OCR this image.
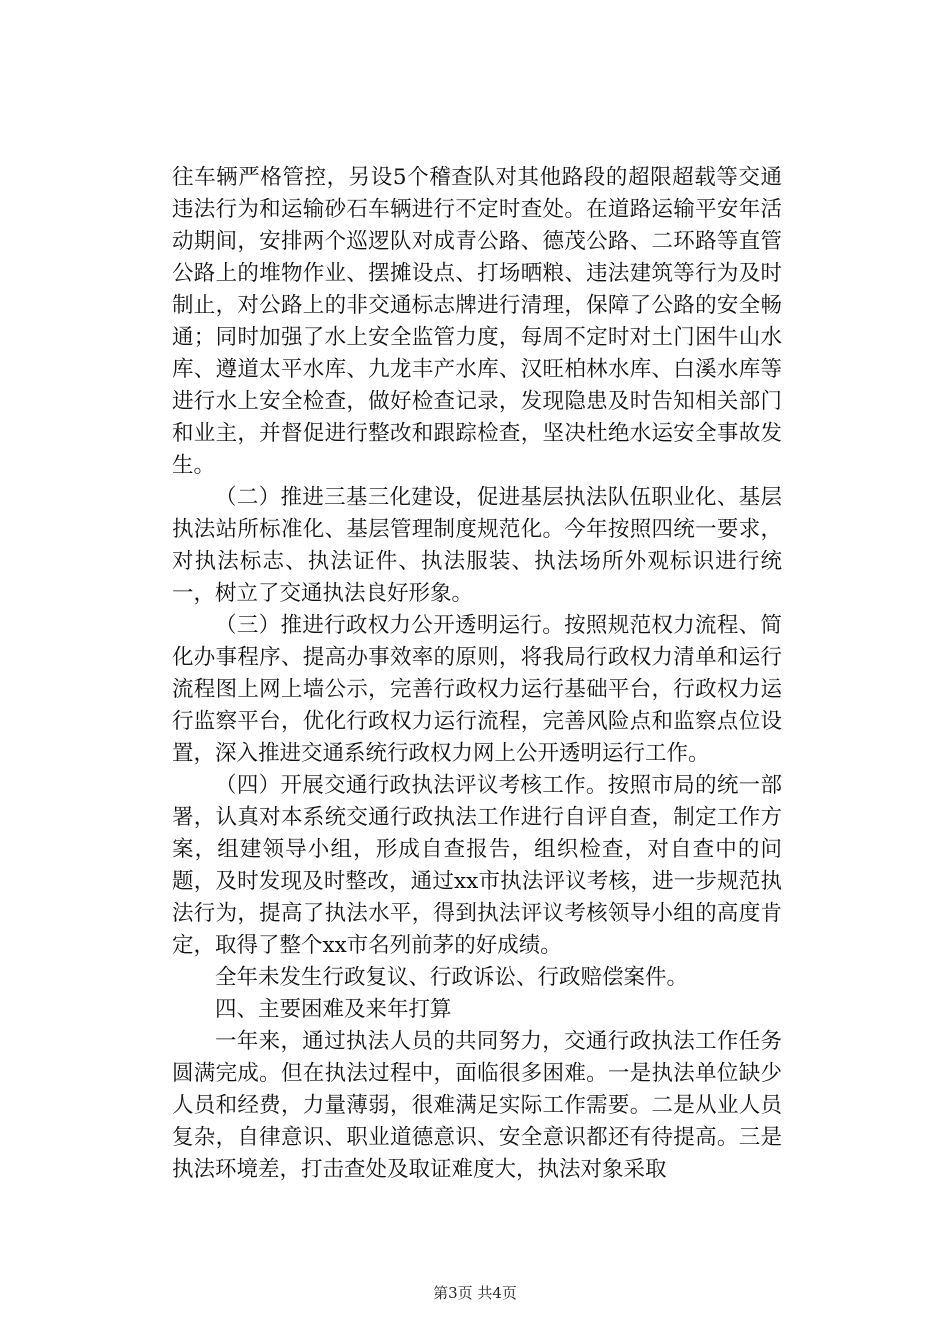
往车辆严格管控，另设5个稽查队对其他路段的超限超载等交通违法行为和运输砂石车辆进行不定时查处。在道路运输平安年活动期间，安排两个巡逻队对成青公路、德茂公路、二环路等直管公路上的堆物作业、摆摊设点、打场晒粮、违法建筑等行为及时制止，对公路上的非交通标志牌进行清理，保障了公路的安全畅通；同时加强了水上安全监管力度，每周不定时对土门困牛山水库、遵道太平水库、九龙丰产水库、汉旺柏林水库、白溪水库等进行水上安全检查，做好检查记录，发现隐患及时告知相关部门和业主，并督促进行整改和跟踪检查，坚决杜绝水运安全事故发生。

（二）推进三基三化建设，促进基层执法队伍职业化、基层执法站所标准化、基层管理制度规范化。今年按照四统一要求，对执法标志、执法证件、执法服装、执法场所外观标识进行统一，树立了交通执法良好形象。

（三）推进行政权力公开透明运行。按照规范权力流程、简化办事程序、提高办事效率的原则，将我局行政权力清单和运行流程图上网上墙公示，完善行政权力运行基础平台，行政权力运行监察平台，优化行政权力运行流程，完善风险点和监察点位设置，深入推进交通系统行政权力网上公开透明运行工作。

（四）开展交通行政执法评议考核工作。按照市局的统一部署，认真对本系统交通行政执法工作进行自评自查，制定工作方案，组建领导小组，形成自查报告，组织检查，对自查中的问题，及时发现及时整改，通过xx市执法评议考核，进一步规范执法行为，提高了执法水平，得到执法评议考核领导小组的高度肯定，取得了整个xx市名列前茅的好成绩。

全年未发生行政复议、行政诉讼、行政赔偿案件。

四、主要困难及来年打算

一年来，通过执法人员的共同努力，交通行政执法工作任务圆满完成。但在执法过程中，面临很多困难。一是执法单位缺少人员和经费，力量薄弱，很难满足实际工作需要。二是从业人员复杂，自律意识、职业道德意识、安全意识都还有待提高。三是执法环境差，打击查处及取证难度大，执法对象采取

第3页 共4页
